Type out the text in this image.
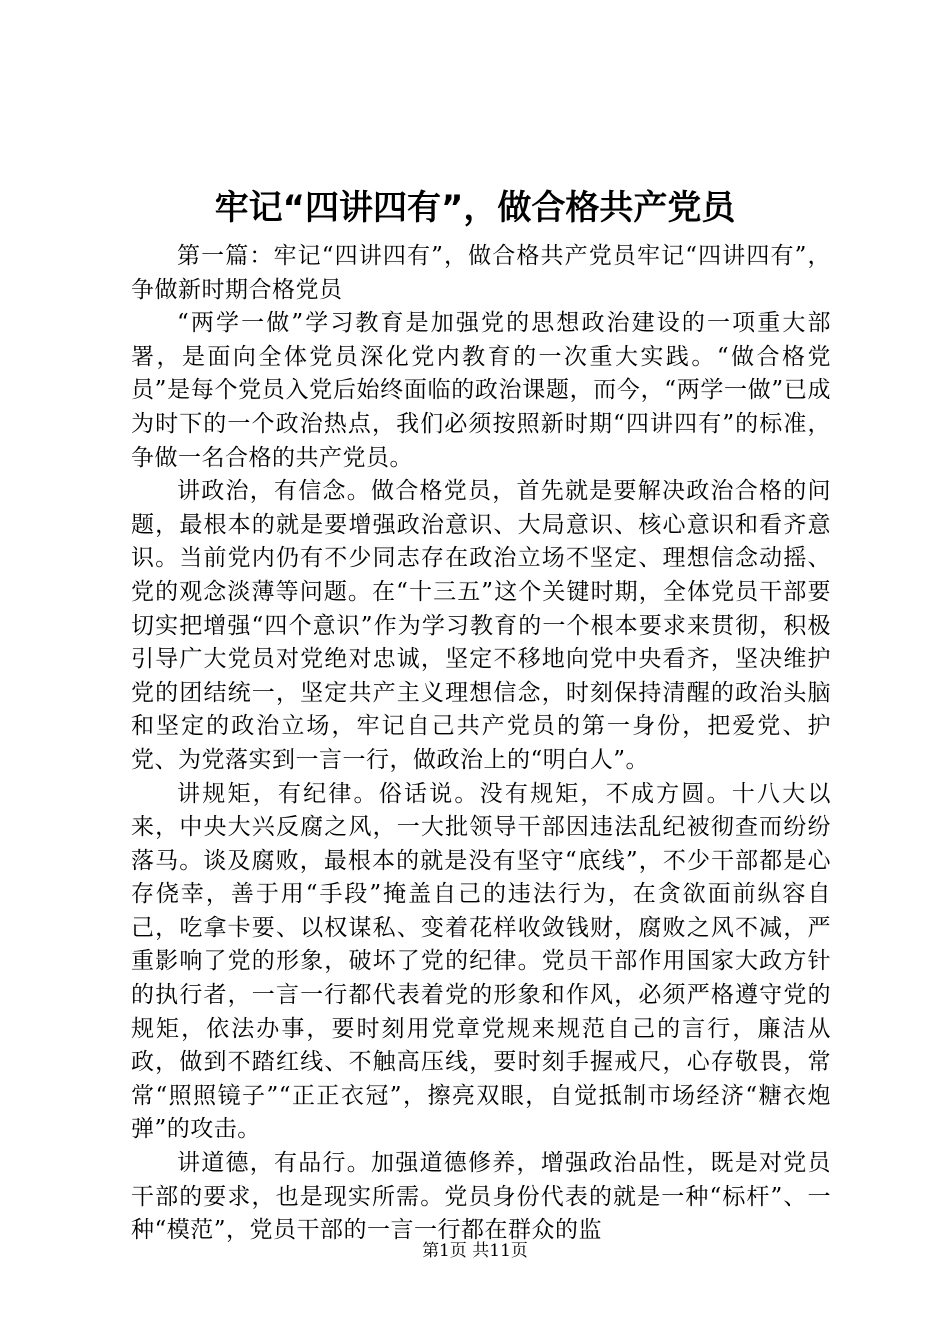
牢记“四讲四有”，做合格共产党员

第一篇：牢记“四讲四有”，做合格共产党员牢记“四讲四有”，争做新时期合格党员

“两学一做”学习教育是加强党的思想政治建设的一项重大部署，是面向全体党员深化党内教育的一次重大实践。“做合格党员”是每个党员入党后始终面临的政治课题，而今，“两学一做”已成为时下的一个政治热点，我们必须按照新时期“四讲四有”的标准，争做一名合格的共产党员。

讲政治，有信念。做合格党员，首先就是要解决政治合格的问题，最根本的就是要增强政治意识、大局意识、核心意识和看齐意识。当前党内仍有不少同志存在政治立场不坚定、理想信念动摇、党的观念淡薄等问题。在“十三五”这个关键时期，全体党员干部要切实把增强“四个意识”作为学习教育的一个根本要求来贯彻，积极引导广大党员对党绝对忠诚，坚定不移地向党中央看齐，坚决维护党的团结统一，坚定共产主义理想信念，时刻保持清醒的政治头脑和坚定的政治立场，牢记自己共产党员的第一身份，把爱党、护党、为党落实到一言一行，做政治上的“明白人”。

讲规矩，有纪律。俗话说。没有规矩，不成方圆。十八大以来，中央大兴反腐之风，一大批领导干部因违法乱纪被彻查而纷纷落马。谈及腐败，最根本的就是没有坚守“底线”，不少干部都是心存侥幸，善于用“手段”掩盖自己的违法行为，在贪欲面前纵容自己，吃拿卡要、以权谋私、变着花样收敛钱财，腐败之风不减，严重影响了党的形象，破坏了党的纪律。党员干部作用国家大政方针的执行者，一言一行都代表着党的形象和作风，必须严格遵守党的规矩，依法办事，要时刻用党章党规来规范自己的言行，廉洁从政，做到不踏红线、不触高压线，要时刻手握戒尺，心存敬畏，常常“照照镜子”“正正衣冠”，擦亮双眼，自觉抵制市场经济“糖衣炮弹”的攻击。

讲道德，有品行。加强道德修养，增强政治品性，既是对党员干部的要求，也是现实所需。党员身份代表的就是一种“标杆”、一种“模范”，党员干部的一言一行都在群众的监

第1页 共11页
